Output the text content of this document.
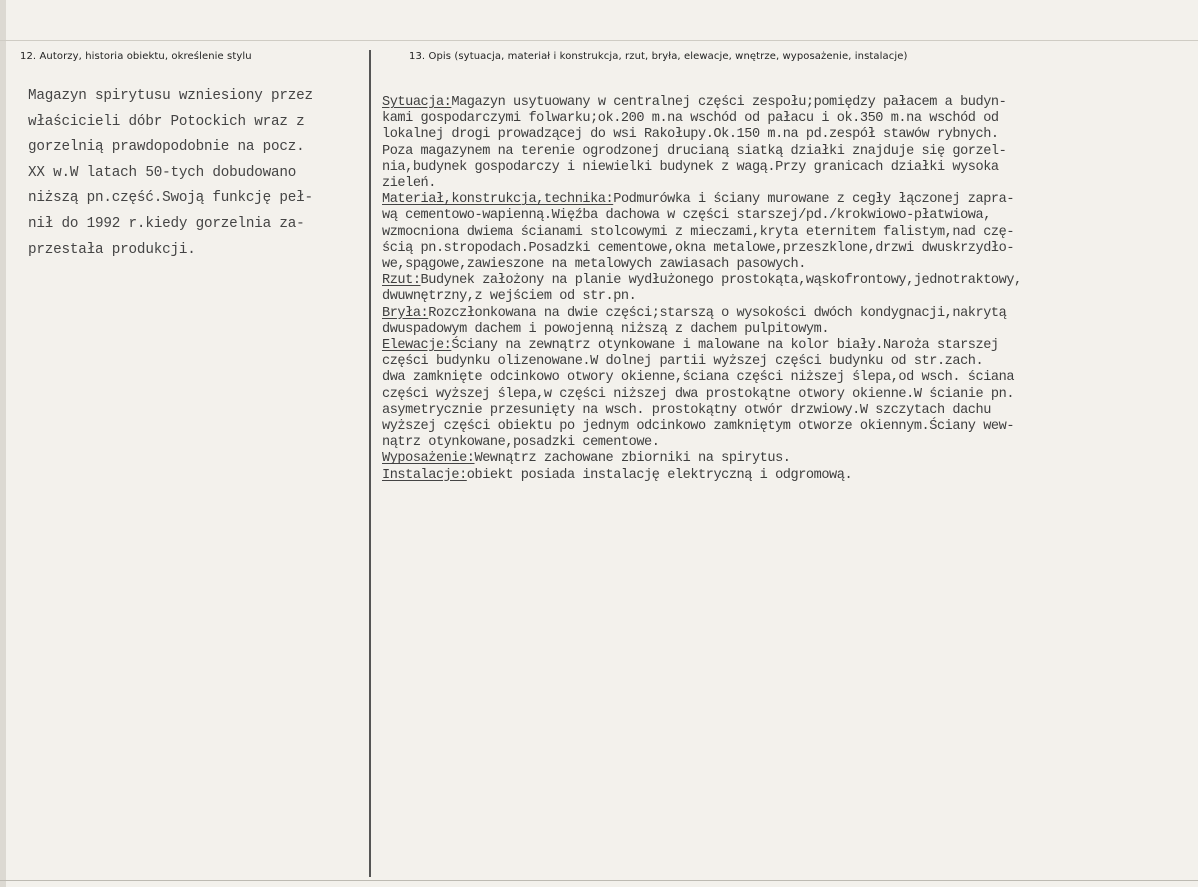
12. Autorzy, historia obiektu, określenie stylu	13. Opis (sytuacja, materiał i konstrukcja, rzut, bryła, elewacje, wnętrze, wyposażenie, instalacje)
Magazyn spirytusu wzniesiony przez
właścicieli dóbr Potockich wraz z
gorzelnią prawdopodobnie na pocz.
XX w.W latach 50-tych dobudowano
niższą pn.część.Swoją funkcję peł-
nił do 1992 r.kiedy gorzelnia za-
przestała produkcji.
Sytuacja:Magazyn usytuowany w centralnej części zespołu;pomiędzy pałacem a budyn-
kami gospodarczymi folwarku;ok.200 m.na wschód od pałacu i ok.350 m.na wschód od
lokalnej drogi prowadzącej do wsi Rakołupy.Ok.150 m.na pd.zespół stawów rybnych.
Poza magazynem na terenie ogrodzonej drucianą siatką działki znajduje się gorzel-
nia,budynek gospodarczy i niewielki budynek z wagą.Przy granicach działki wysoka
zieleń.
Materiał,konstrukcja,technika:Podmurówka i ściany murowane z cegły łączonej zapra-
wą cementowo-wapienną.Więźba dachowa w części starszej/pd./krokwiowo-płatwiowa,
wzmocniona dwiema ścianami stolcowymi z mieczami,kryta eternitem falistym,nad czę-
ścią pn.stropodach.Posadzki cementowe,okna metalowe,przeszklone,drzwi dwuskrzydło-
we,spągowe,zawieszone na metalowych zawiasach pasowych.
Rzut:Budynek założony na planie wydłużonego prostokąta,wąskofrontowy,jednotraktowy,
dwuwnętrzny,z wejściem od str.pn.
Bryła:Rozczłonkowana na dwie części;starszą o wysokości dwóch kondygnacji,nakrytą
dwuspadowym dachem i powojenną niższą z dachem pulpitowym.
Elewacje:Ściany na zewnątrz otynkowane i malowane na kolor biały.Naroża starszej
części budynku olizenowane.W dolnej partii wyższej części budynku od str.zach.
dwa zamknięte odcinkowo otwory okienne,ściana części niższej ślepa,od wsch. ściana
części wyższej ślepa,w części niższej dwa prostokątne otwory okienne.W ścianie pn.
asymetrycznie przesunięty na wsch. prostokątny otwór drzwiowy.W szczytach dachu
wyższej części obiektu po jednym odcinkowo zamkniętym otworze okiennym.Ściany wew-
nątrz otynkowane,posadzki cementowe.
Wyposażenie:Wewnątrz zachowane zbiorniki na spirytus.
Instalacje:obiekt posiada instalację elektryczną i odgromową.
